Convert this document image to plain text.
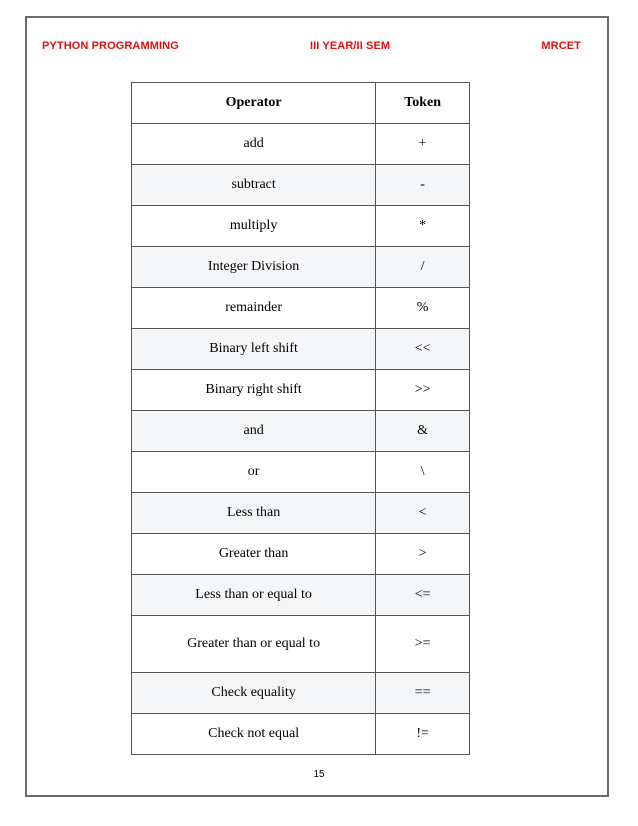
PYTHON PROGRAMMING	III YEAR/II SEM	MRCET
Operator	Token
add	+
subtract	-
multiply	*
Integer Division	/
remainder	%
Binary left shift	<<
Binary right shift	>>
and	&
or	\
Less than	<
Greater than	>
Less than or equal to	<=
Greater than or equal to	>=
Check equality	==
Check not equal	!=
15
